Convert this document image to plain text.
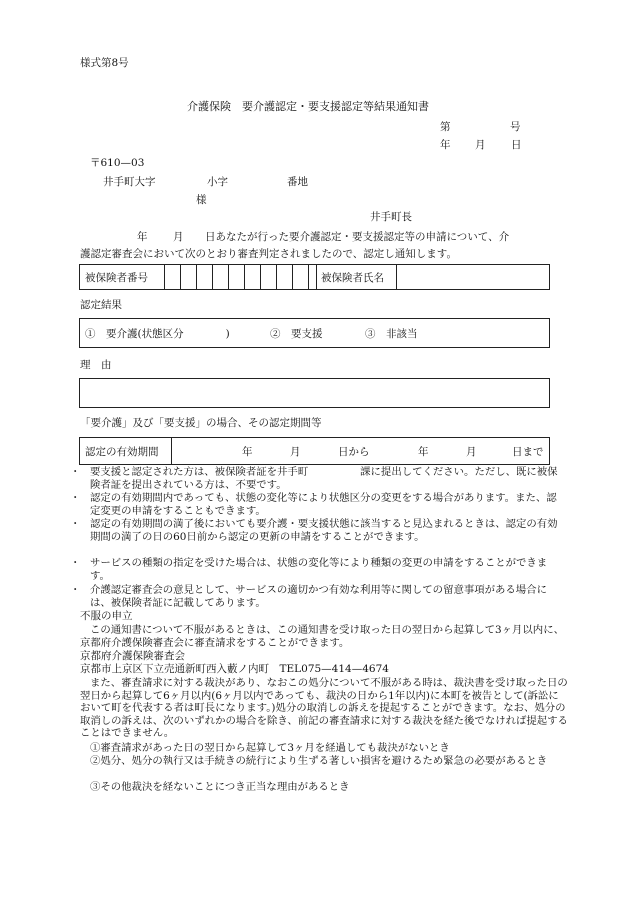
様式第8号
介護保険　要介護認定・要支援認定等結果通知書
第	号
年 月 日
〒610—03
井手町大字	小字	番地
様
井手町長
年 月 日あなたが行った要介護認定・要支援認定等の申請について、介
護認定審査会において次のとおり審査判定されましたので、認定し通知します。
被保険者番号	被保険者氏名
認定結果
①　要介護(状態区分　　　　)	②　要支援	③　非該当
理　由
「要介護」及び「要支援」の場合、その認定期間等
認定の有効期間	年	月	日から	年	月	日まで
・ 要支援と認定された方は、被保険者証を井手町　　　　　課に提出してください。ただし、既に被保険者証を提出されている方は、不要です。
・ 認定の有効期間内であっても、状態の変化等により状態区分の変更をする場合があります。また、認定変更の申請をすることもできます。
・ 認定の有効期間の満了後においても要介護・要支援状態に該当すると見込まれるときは、認定の有効期間の満了の日の60日前から認定の更新の申請をすることができます。
・ サービスの種類の指定を受けた場合は、状態の変化等により種類の変更の申請をすることができます。
・ 介護認定審査会の意見として、サービスの適切かつ有効な利用等に関しての留意事項がある場合には、被保険者証に記載してあります。
不服の申立
この通知書について不服があるときは、この通知書を受け取った日の翌日から起算して3ヶ月以内に、京都府介護保険審査会に審査請求をすることができます。
京都府介護保険審査会
京都市上京区下立売通新町西入藪ノ内町　TEL075—414—4674
また、審査請求に対する裁決があり、なおこの処分について不服がある時は、裁決書を受け取った日の翌日から起算して6ヶ月以内(6ヶ月以内であっても、裁決の日から1年以内)に本町を被告として(訴訟において町を代表する者は町長になります。)処分の取消しの訴えを提起することができます。なお、処分の取消しの訴えは、次のいずれかの場合を除き、前記の審査請求に対する裁決を経た後でなければ提起することはできません。
①審査請求があった日の翌日から起算して3ヶ月を経過しても裁決がないとき
②処分、処分の執行又は手続きの続行により生ずる著しい損害を避けるため緊急の必要があるとき
③その他裁決を経ないことにつき正当な理由があるとき
